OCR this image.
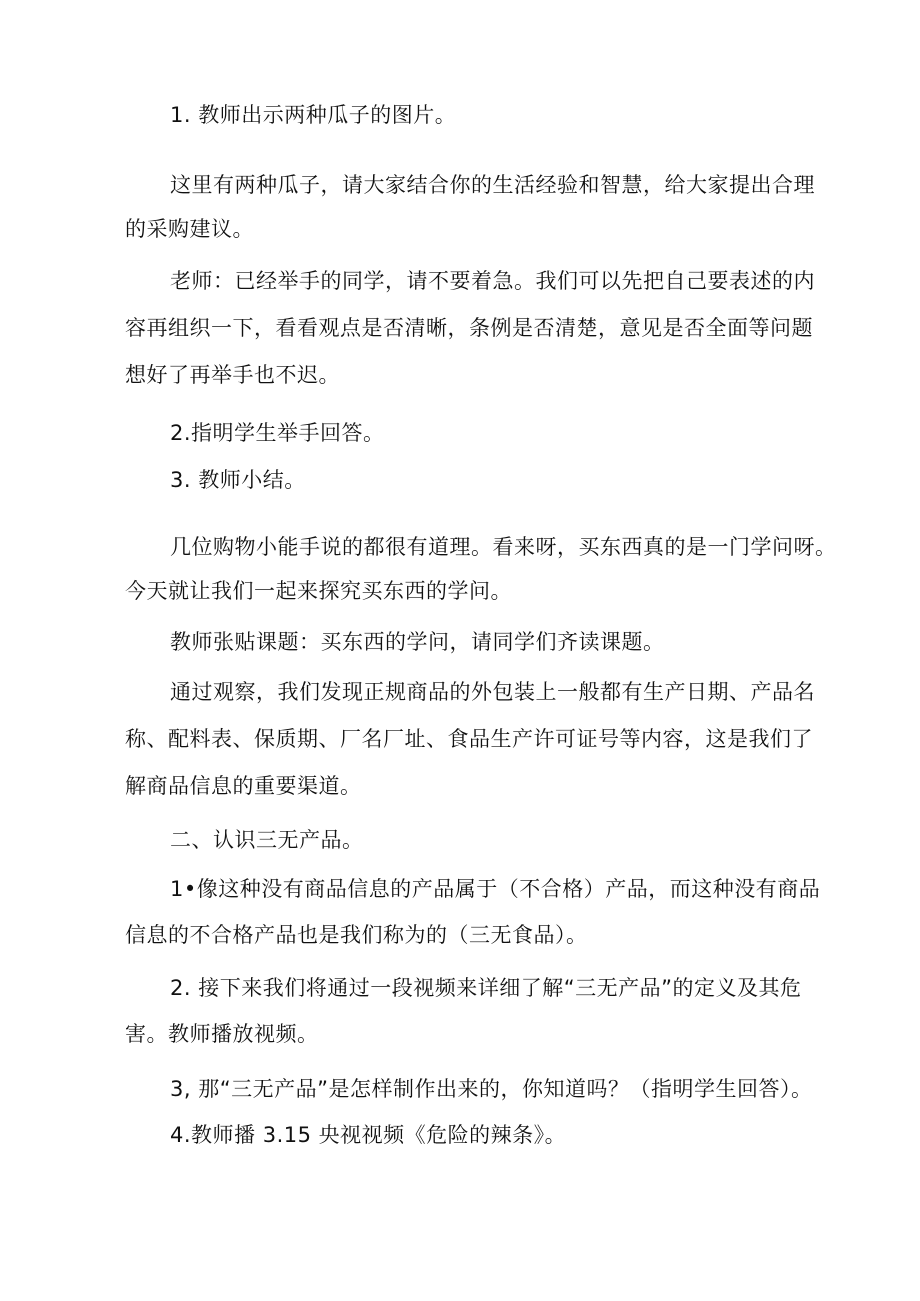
1. 教师出示两种瓜子的图片。
这里有两种瓜子，请大家结合你的生活经验和智慧，给大家提出合理
的采购建议。
老师：已经举手的同学，请不要着急。我们可以先把自己要表述的内
容再组织一下，看看观点是否清晰，条例是否清楚，意见是否全面等问题
想好了再举手也不迟。
2.指明学生举手回答。
3. 教师小结。
几位购物小能手说的都很有道理。看来呀，买东西真的是一门学问呀。
今天就让我们一起来探究买东西的学问。
教师张贴课题：买东西的学问，请同学们齐读课题。
通过观察，我们发现正规商品的外包装上一般都有生产日期、产品名
称、配料表、保质期、厂名厂址、食品生产许可证号等内容，这是我们了
解商品信息的重要渠道。
二、认识三无产品。
1•像这种没有商品信息的产品属于（不合格）产品，而这种没有商品
信息的不合格产品也是我们称为的（三无食品）。
2. 接下来我们将通过一段视频来详细了解“三无产品”的定义及其危
害。教师播放视频。
3, 那“三无产品”是怎样制作出来的，你知道吗？（指明学生回答）。
4.教师播 3.15 央视视频《危险的辣条》。
